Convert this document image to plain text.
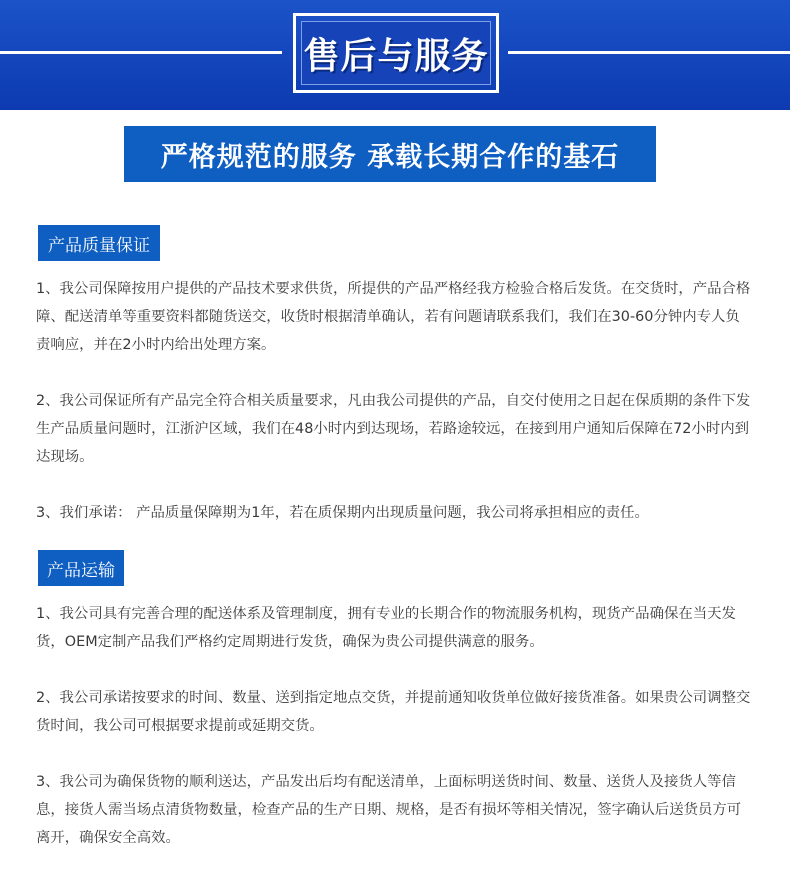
售后与服务
严格规范的服务 承载长期合作的基石
产品质量保证

1、我公司保障按用户提供的产品技术要求供货，所提供的产品严格经我方检验合格后发货。在交货时，产品合格障、配送清单等重要资料都随货送交，收货时根据清单确认，若有问题请联系我们，我们在30-60分钟内专人负责响应，并在2小时内给出处理方案。

2、我公司保证所有产品完全符合相关质量要求，凡由我公司提供的产品，自交付使用之日起在保质期的条件下发生产品质量问题时，江浙沪区域，我们在48小时内到达现场，若路途较远，在接到用户通知后保障在72小时内到达现场。

3、我们承诺： 产品质量保障期为1年，若在质保期内出现质量问题，我公司将承担相应的责任。

产品运输

1、我公司具有完善合理的配送体系及管理制度，拥有专业的长期合作的物流服务机构，现货产品确保在当天发货，OEM定制产品我们严格约定周期进行发货，确保为贵公司提供满意的服务。

2、我公司承诺按要求的时间、数量、送到指定地点交货，并提前通知收货单位做好接货准备。如果贵公司调整交货时间，我公司可根据要求提前或延期交货。

3、我公司为确保货物的顺利送达，产品发出后均有配送清单，上面标明送货时间、数量、送货人及接货人等信息，接货人需当场点清货物数量，检查产品的生产日期、规格，是否有损坏等相关情况，签字确认后送货员方可离开，确保安全高效。
